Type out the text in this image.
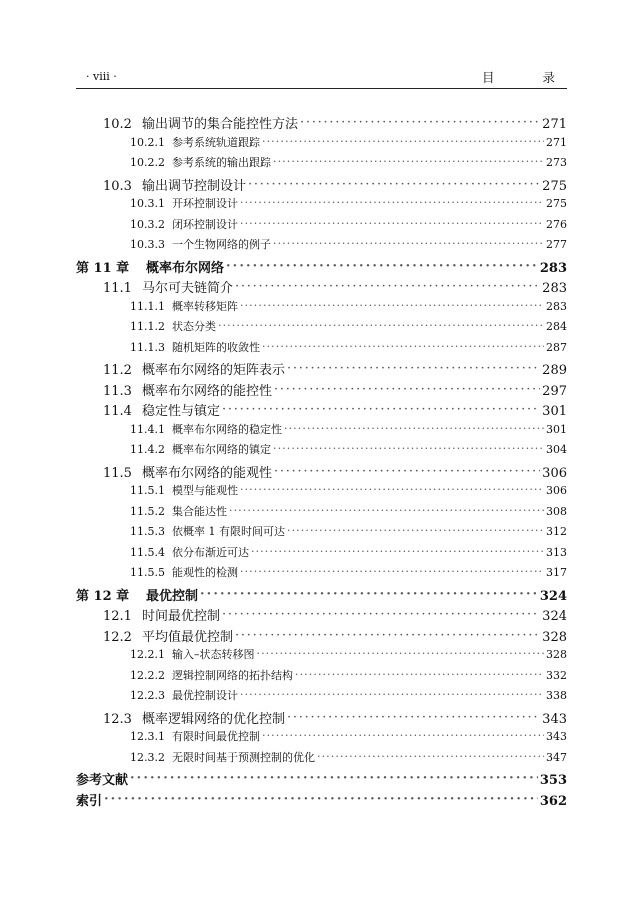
· viii ·	目 录
10.2 输出调节的集合能控性方法 · · ·	271
10.2.1 参考系统轨道跟踪 · · ·	271
10.2.2 参考系统的输出跟踪 · · ·	273
10.3 输出调节控制设计 · · ·	275
10.3.1 开环控制设计 · · ·	275
10.3.2 闭环控制设计 · · ·	276
10.3.3 一个生物网络的例子 · · ·	277
第 11 章	概率布尔网络 · · ·	283
11.1 马尔可夫链简介 · · ·	283
11.1.1 概率转移矩阵 · · ·	283
11.1.2 状态分类 · · ·	284
11.1.3 随机矩阵的收敛性 · · ·	287
11.2 概率布尔网络的矩阵表示 · · ·	289
11.3 概率布尔网络的能控性 · · ·	297
11.4 稳定性与镇定 · · ·	301
11.4.1 概率布尔网络的稳定性 · · ·	301
11.4.2 概率布尔网络的镇定 · · ·	304
11.5 概率布尔网络的能观性 · · ·	306
11.5.1 模型与能观性 · · ·	306
11.5.2 集合能达性 · · ·	308
11.5.3 依概率 1 有限时间可达 · · ·	312
11.5.4 依分布渐近可达 · · ·	313
11.5.5 能观性的检测 · · ·	317
第 12 章	最优控制 · · ·	324
12.1 时间最优控制 · · ·	324
12.2 平均值最优控制 · · ·	328
12.2.1 输入–状态转移图 · · ·	328
12.2.2 逻辑控制网络的拓扑结构 · · ·	332
12.2.3 最优控制设计 · · ·	338
12.3 概率逻辑网络的优化控制 · · ·	343
12.3.1 有限时间最优控制 · · ·	343
12.3.2 无限时间基于预测控制的优化 · · ·	347
参考文献 · · ·	353
索引 · · ·	362
